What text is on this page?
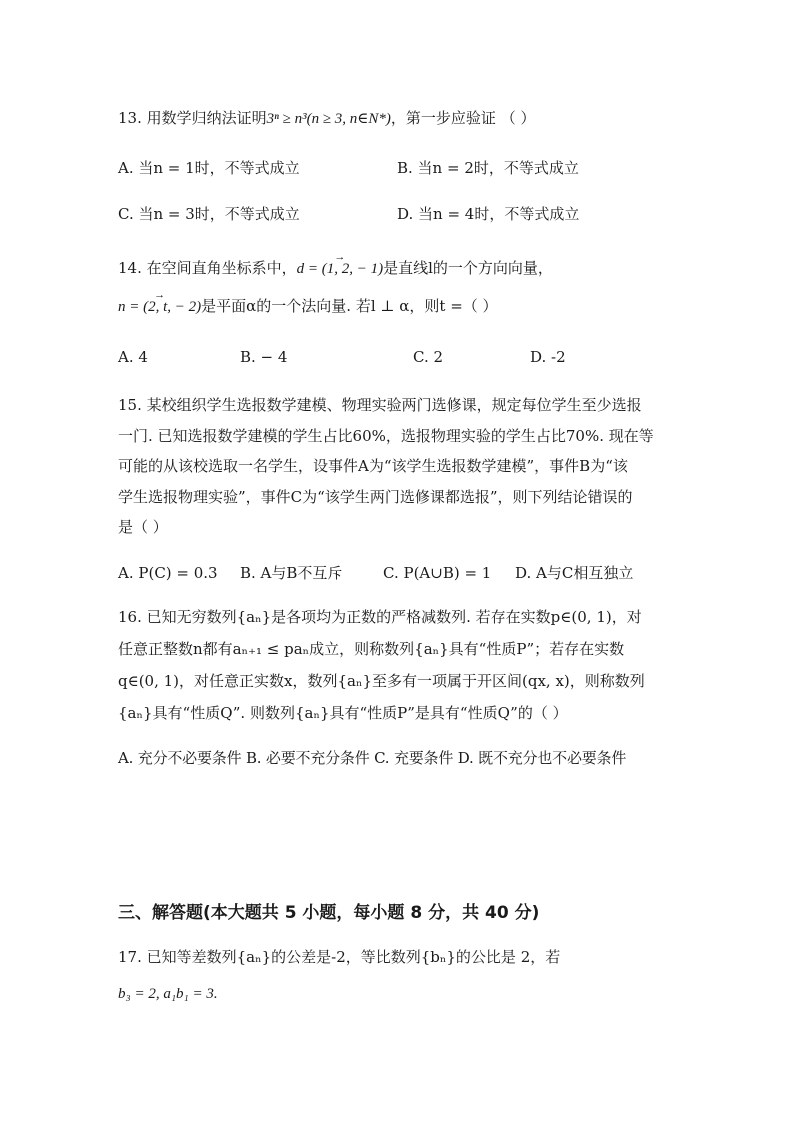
13. 用数学归纳法证明3ⁿ ≥ n³(n ≥ 3, n∈N*)，第一步应验证 （ ）
A. 当n = 1时，不等式成立	B. 当n = 2时，不等式成立
C. 当n = 3时，不等式成立	D. 当n = 4时，不等式成立
14. 在空间直角坐标系中，→ d = (1, 2, − 1)是直线l的一个方向向量，
→ n = (2, t, − 2)是平面α的一个法向量. 若l ⊥ α，则t =（ ）
A. 4	B. − 4	C. 2	D. -2
15. 某校组织学生选报数学建模、物理实验两门选修课，规定每位学生至少选报
一门. 已知选报数学建模的学生占比60%，选报物理实验的学生占比70%. 现在等
可能的从该校选取一名学生，设事件A为“该学生选报数学建模”，事件B为“该
学生选报物理实验”，事件C为“该学生两门选修课都选报”，则下列结论错误的
是（ ）
A. P(C) = 0.3 B. A与B不互斥	C. P(A∪B) = 1 D. A与C相互独立
16. 已知无穷数列{aₙ}是各项均为正数的严格减数列. 若存在实数p∈(0, 1)，对
任意正整数n都有aₙ₊₁ ≤ paₙ成立，则称数列{aₙ}具有“性质P”；若存在实数
q∈(0, 1)，对任意正实数x，数列{aₙ}至多有一项属于开区间(qx, x)，则称数列
{aₙ}具有“性质Q”. 则数列{aₙ}具有“性质P”是具有“性质Q”的（ ）
A. 充分不必要条件 B. 必要不充分条件 C. 充要条件 D. 既不充分也不必要条件
三、解答题(本大题共 5 小题，每小题 8 分，共 40 分)
17. 已知等差数列{aₙ}的公差是-2，等比数列{bₙ}的公比是 2，若
b₃ = 2, a₁b₁ = 3.
